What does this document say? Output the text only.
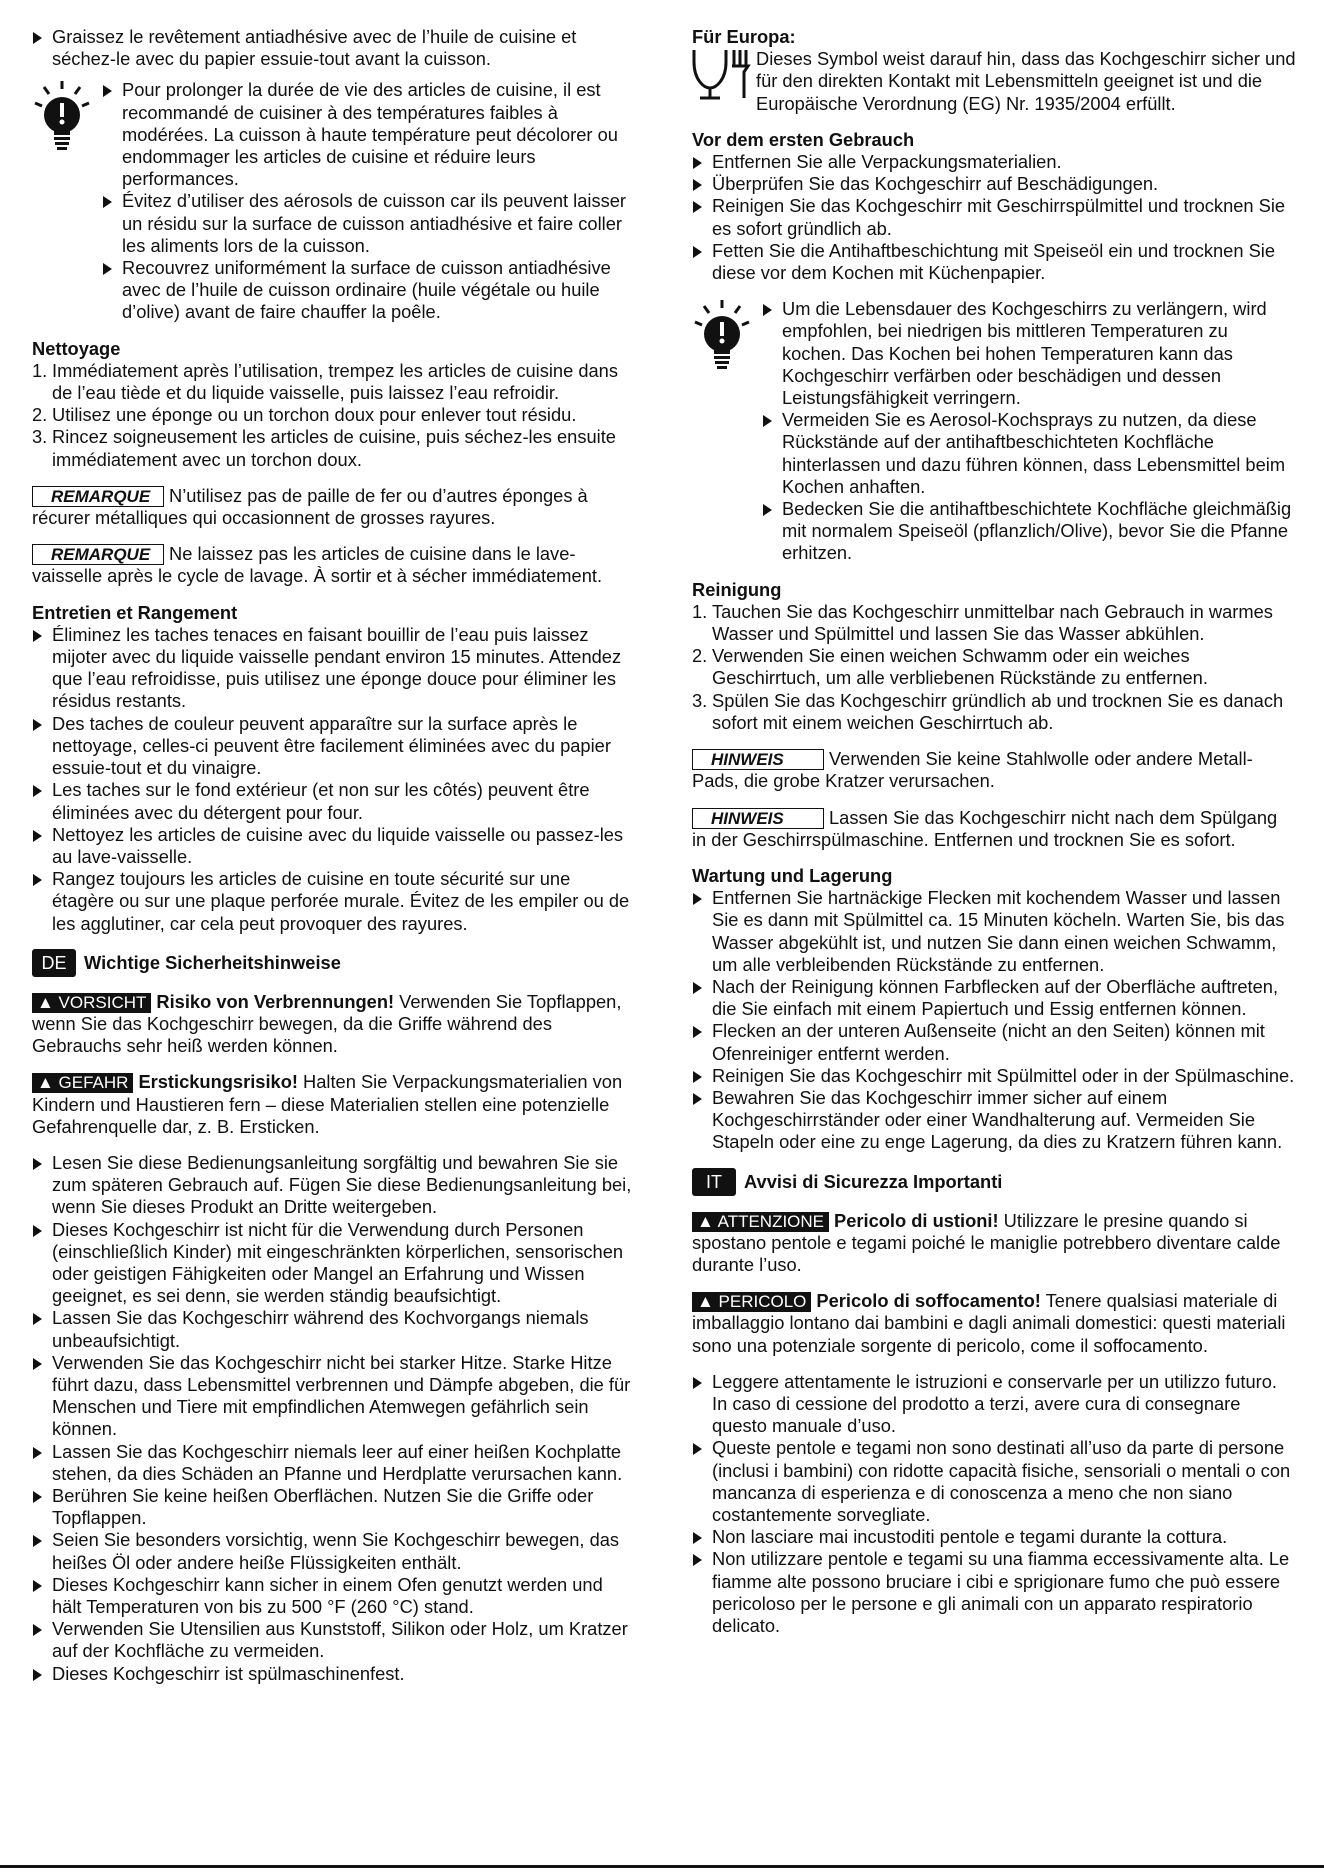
Graissez le revêtement antiadhésive avec de l’huile de cuisine et séchez-le avec du papier essuie-tout avant la cuisson.
Pour prolonger la durée de vie des articles de cuisine, il est recommandé de cuisiner à des températures faibles à modérées. La cuisson à haute température peut décolorer ou endommager les articles de cuisine et réduire leurs performances.
Évitez d’utiliser des aérosols de cuisson car ils peuvent laisser un résidu sur la surface de cuisson antiadhésive et faire coller les aliments lors de la cuisson.
Recouvrez uniformément la surface de cuisson antiadhésive avec de l’huile de cuisson ordinaire (huile végétale ou huile d’olive) avant de faire chauffer la poêle.

Nettoyage

1. Immédiatement après l’utilisation, trempez les articles de cuisine dans de l’eau tiède et du liquide vaisselle, puis laissez l’eau refroidir.
2. Utilisez une éponge ou un torchon doux pour enlever tout résidu.
3. Rincez soigneusement les articles de cuisine, puis séchez-les ensuite immédiatement avec un torchon doux.

REMARQUE N’utilisez pas de paille de fer ou d’autres éponges à récurer métalliques qui occasionnent de grosses rayures.

REMARQUE Ne laissez pas les articles de cuisine dans le lave-vaisselle après le cycle de lavage. À sortir et à sécher immédiatement.

Entretien et Rangement

Éliminez les taches tenaces en faisant bouillir de l’eau puis laissez mijoter avec du liquide vaisselle pendant environ 15 minutes. Attendez que l’eau refroidisse, puis utilisez une éponge douce pour éliminer les résidus restants.
Des taches de couleur peuvent apparaître sur la surface après le nettoyage, celles-ci peuvent être facilement éliminées avec du papier essuie-tout et du vinaigre.
Les taches sur le fond extérieur (et non sur les côtés) peuvent être éliminées avec du détergent pour four.
Nettoyez les articles de cuisine avec du liquide vaisselle ou passez-les au lave-vaisselle.
Rangez toujours les articles de cuisine en toute sécurité sur une étagère ou sur une plaque perforée murale. Évitez de les empiler ou de les agglutiner, car cela peut provoquer des rayures.
DE Wichtige Sicherheitshinweise

▲ VORSICHT Risiko von Verbrennungen! Verwenden Sie Topflappen, wenn Sie das Kochgeschirr bewegen, da die Griffe während des Gebrauchs sehr heiß werden können.

▲ GEFAHR Erstickungsrisiko! Halten Sie Verpackungsmaterialien von Kindern und Haustieren fern – diese Materialien stellen eine potenzielle Gefahrenquelle dar, z. B. Ersticken.

Lesen Sie diese Bedienungsanleitung sorgfältig und bewahren Sie sie zum späteren Gebrauch auf. Fügen Sie diese Bedienungsanleitung bei, wenn Sie dieses Produkt an Dritte weitergeben.
Dieses Kochgeschirr ist nicht für die Verwendung durch Personen (einschließlich Kinder) mit eingeschränkten körperlichen, sensorischen oder geistigen Fähigkeiten oder Mangel an Erfahrung und Wissen geeignet, es sei denn, sie werden ständig beaufsichtigt.
Lassen Sie das Kochgeschirr während des Kochvorgangs niemals unbeaufsichtigt.
Verwenden Sie das Kochgeschirr nicht bei starker Hitze. Starke Hitze führt dazu, dass Lebensmittel verbrennen und Dämpfe abgeben, die für Menschen und Tiere mit empfindlichen Atemwegen gefährlich sein können.
Lassen Sie das Kochgeschirr niemals leer auf einer heißen Kochplatte stehen, da dies Schäden an Pfanne und Herdplatte verursachen kann.
Berühren Sie keine heißen Oberflächen. Nutzen Sie die Griffe oder Topflappen.
Seien Sie besonders vorsichtig, wenn Sie Kochgeschirr bewegen, das heißes Öl oder andere heiße Flüssigkeiten enthält.
Dieses Kochgeschirr kann sicher in einem Ofen genutzt werden und hält Temperaturen von bis zu 500 °F (260 °C) stand.
Verwenden Sie Utensilien aus Kunststoff, Silikon oder Holz, um Kratzer auf der Kochfläche zu vermeiden.
Dieses Kochgeschirr ist spülmaschinenfest.

Für Europa:

Dieses Symbol weist darauf hin, dass das Kochgeschirr sicher und für den direkten Kontakt mit Lebensmitteln geeignet ist und die Europäische Verordnung (EG) Nr. 1935/2004 erfüllt.

Vor dem ersten Gebrauch

Entfernen Sie alle Verpackungsmaterialien.
Überprüfen Sie das Kochgeschirr auf Beschädigungen.
Reinigen Sie das Kochgeschirr mit Geschirrspülmittel und trocknen Sie es sofort gründlich ab.
Fetten Sie die Antihaftbeschichtung mit Speiseöl ein und trocknen Sie diese vor dem Kochen mit Küchenpapier.
Um die Lebensdauer des Kochgeschirrs zu verlängern, wird empfohlen, bei niedrigen bis mittleren Temperaturen zu kochen. Das Kochen bei hohen Temperaturen kann das Kochgeschirr verfärben oder beschädigen und dessen Leistungsfähigkeit verringern.
Vermeiden Sie es Aerosol-Kochsprays zu nutzen, da diese Rückstände auf der antihaftbeschichteten Kochfläche hinterlassen und dazu führen können, dass Lebensmittel beim Kochen anhaften.
Bedecken Sie die antihaftbeschichtete Kochfläche gleichmäßig mit normalem Speiseöl (pflanzlich/Olive), bevor Sie die Pfanne erhitzen.

Reinigung

1. Tauchen Sie das Kochgeschirr unmittelbar nach Gebrauch in warmes Wasser und Spülmittel und lassen Sie das Wasser abkühlen.
2. Verwenden Sie einen weichen Schwamm oder ein weiches Geschirrtuch, um alle verbliebenen Rückstände zu entfernen.
3. Spülen Sie das Kochgeschirr gründlich ab und trocknen Sie es danach sofort mit einem weichen Geschirrtuch ab.

HINWEIS Verwenden Sie keine Stahlwolle oder andere Metall-Pads, die grobe Kratzer verursachen.

HINWEIS Lassen Sie das Kochgeschirr nicht nach dem Spülgang in der Geschirrspülmaschine. Entfernen und trocknen Sie es sofort.

Wartung und Lagerung

Entfernen Sie hartnäckige Flecken mit kochendem Wasser und lassen Sie es dann mit Spülmittel ca. 15 Minuten köcheln. Warten Sie, bis das Wasser abgekühlt ist, und nutzen Sie dann einen weichen Schwamm, um alle verbleibenden Rückstände zu entfernen.
Nach der Reinigung können Farbflecken auf der Oberfläche auftreten, die Sie einfach mit einem Papiertuch und Essig entfernen können.
Flecken an der unteren Außenseite (nicht an den Seiten) können mit Ofenreiniger entfernt werden.
Reinigen Sie das Kochgeschirr mit Spülmittel oder in der Spülmaschine.
Bewahren Sie das Kochgeschirr immer sicher auf einem Kochgeschirrständer oder einer Wandhalterung auf. Vermeiden Sie Stapeln oder eine zu enge Lagerung, da dies zu Kratzern führen kann.
IT	Avvisi di Sicurezza Importanti

▲ ATTENZIONE Pericolo di ustioni! Utilizzare le presine quando si spostano pentole e tegami poiché le maniglie potrebbero diventare calde durante l’uso.

▲ PERICOLO Pericolo di soffocamento! Tenere qualsiasi materiale di imballaggio lontano dai bambini e dagli animali domestici: questi materiali sono una potenziale sorgente di pericolo, come il soffocamento.

Leggere attentamente le istruzioni e conservarle per un utilizzo futuro. In caso di cessione del prodotto a terzi, avere cura di consegnare questo manuale d’uso.
Queste pentole e tegami non sono destinati all’uso da parte di persone (inclusi i bambini) con ridotte capacità fisiche, sensoriali o mentali o con mancanza di esperienza e di conoscenza a meno che non siano costantemente sorvegliate.
Non lasciare mai incustoditi pentole e tegami durante la cottura.
Non utilizzare pentole e tegami su una fiamma eccessivamente alta. Le fiamme alte possono bruciare i cibi e sprigionare fumo che può essere pericoloso per le persone e gli animali con un apparato respiratorio delicato.
